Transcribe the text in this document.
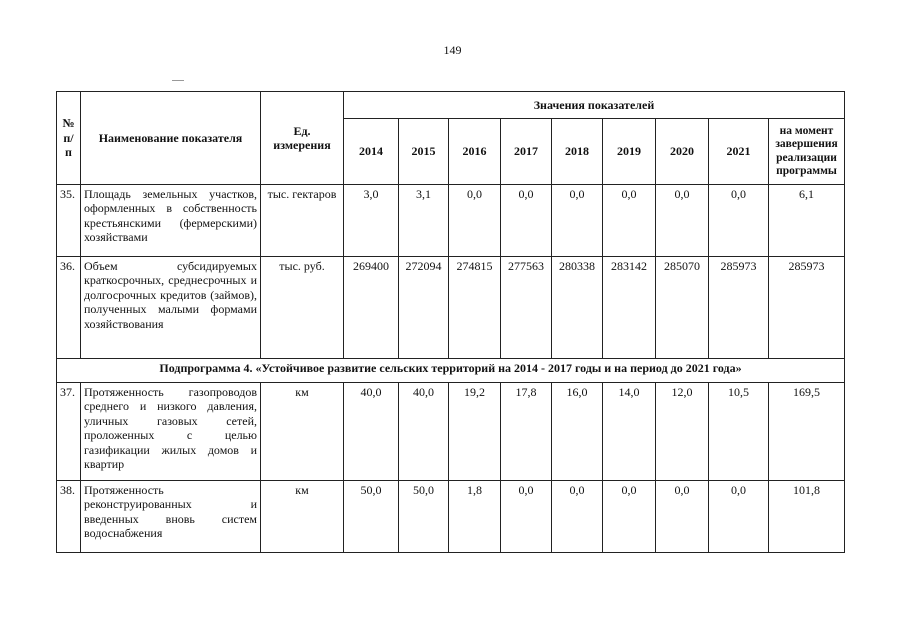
149
№ п/п	Наименование показателя	Ед. измерения	Значения показателей								
			2014	2015	2016	2017	2018	2019	2020	2021	на момент завершения реализации программы
35.	Площадь земельных участков, оформленных в собственность крестьянскими (фермерскими) хозяйствами	тыс. гектаров	3,0	3,1	0,0	0,0	0,0	0,0	0,0	0,0	6,1
36.	Объем субсидируемых краткосрочных, среднесрочных и долгосрочных кредитов (займов), полученных малыми формами хозяйствования	тыс. руб.	269400	272094	274815	277563	280338	283142	285070	285973	285973
Подпрограмма 4. «Устойчивое развитие сельских территорий на 2014 - 2017 годы и на период до 2021 года»											
37.	Протяженность газопроводов среднего и низкого давления, уличных газовых сетей, проложенных с целью газификации жилых домов и квартир	км	40,0	40,0	19,2	17,8	16,0	14,0	12,0	10,5	169,5
38.	Протяженность реконструированных и введенных вновь систем водоснабжения	км	50,0	50,0	1,8	0,0	0,0	0,0	0,0	0,0	101,8
